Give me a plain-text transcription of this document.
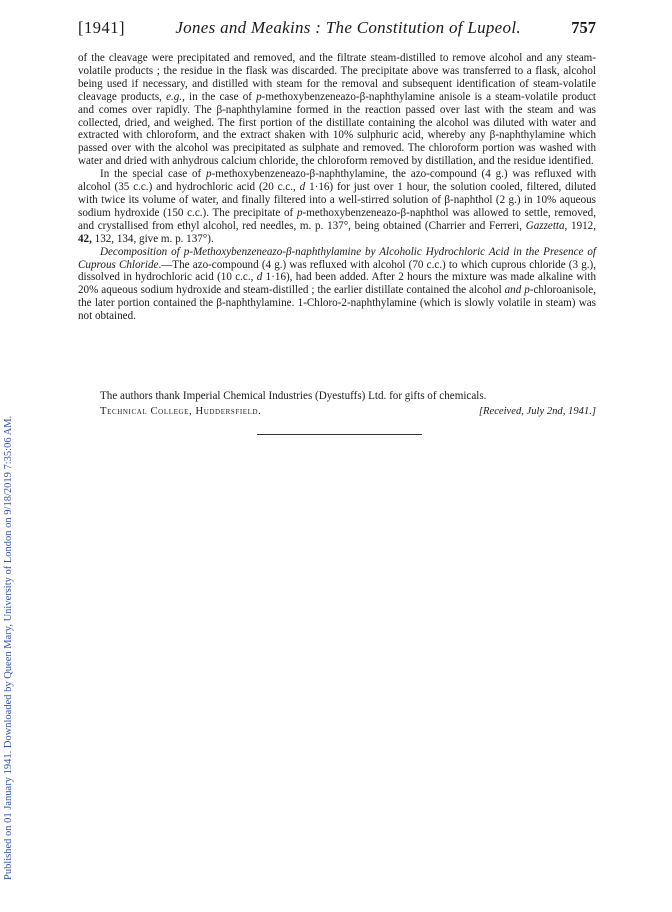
Published on 01 January 1941. Downloaded by Queen Mary, University of London on 9/18/2019 7:35:06 AM.
[1941]	Jones and Meakins : The Constitution of Lupeol.	757

of the cleavage were precipitated and removed, and the filtrate steam-distilled to remove alcohol and any steam-volatile products ; the residue in the flask was discarded. The precipitate above was transferred to a flask, alcohol being used if necessary, and distilled with steam for the removal and subsequent identification of steam-volatile cleavage products, e.g., in the case of p-methoxybenzeneazo-β-naphthylamine anisole is a steam-volatile product and comes over rapidly. The β-naphthylamine formed in the reaction passed over last with the steam and was collected, dried, and weighed. The first portion of the distillate containing the alcohol was diluted with water and extracted with chloroform, and the extract shaken with 10% sulphuric acid, whereby any β-naphthylamine which passed over with the alcohol was precipitated as sulphate and removed. The chloroform portion was washed with water and dried with anhydrous calcium chloride, the chloroform removed by distillation, and the residue identified.

In the special case of p-methoxybenzeneazo-β-naphthylamine, the azo-compound (4 g.) was refluxed with alcohol (35 c.c.) and hydrochloric acid (20 c.c., d 1·16) for just over 1 hour, the solution cooled, filtered, diluted with twice its volume of water, and finally filtered into a well-stirred solution of β-naphthol (2 g.) in 10% aqueous sodium hydroxide (150 c.c.). The precipitate of p-methoxybenzeneazo-β-naphthol was allowed to settle, removed, and crystallised from ethyl alcohol, red needles, m. p. 137°, being obtained (Charrier and Ferreri, Gazzetta, 1912, 42, 132, 134, give m. p. 137°).

Decomposition of p-Methoxybenzeneazo-β-naphthylamine by Alcoholic Hydrochloric Acid in the Presence of Cuprous Chloride.—The azo-compound (4 g.) was refluxed with alcohol (70 c.c.) to which cuprous chloride (3 g.), dissolved in hydrochloric acid (10 c.c., d 1·16), had been added. After 2 hours the mixture was made alkaline with 20% aqueous sodium hydroxide and steam-distilled ; the earlier distillate contained the alcohol and p-chloroanisole, the later portion contained the β-naphthylamine. 1-Chloro-2-naphthylamine (which is slowly volatile in steam) was not obtained.

The authors thank Imperial Chemical Industries (Dyestuffs) Ltd. for gifts of chemicals.

Technical College, Huddersfield.	[Received, July 2nd, 1941.]
